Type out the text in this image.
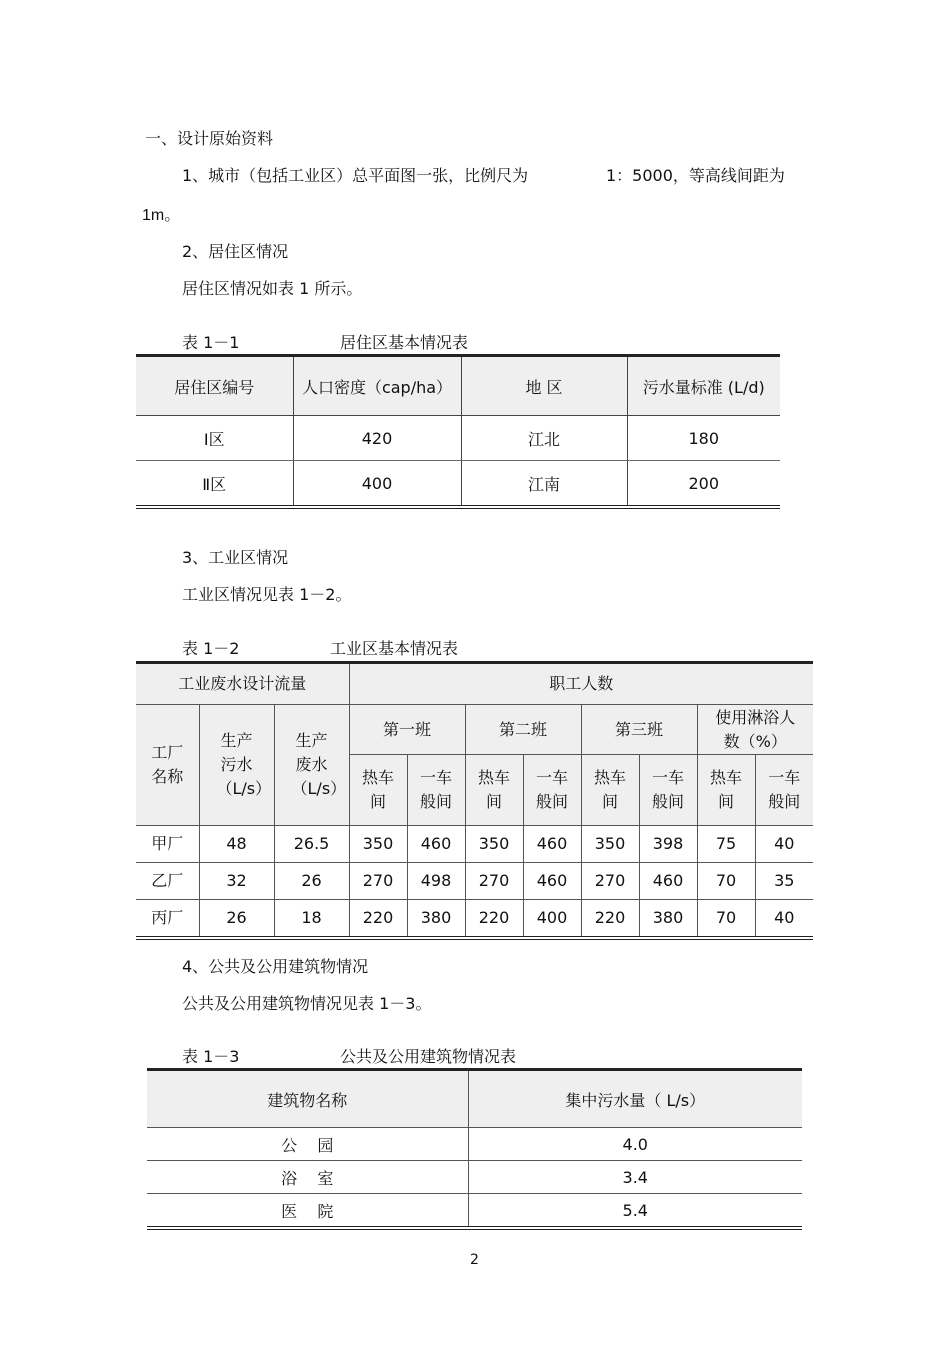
一、设计原始资料
1、城市（包括工业区）总平面图一张，比例尺为	1：5000，等高线间距为
1m。
2、居住区情况
居住区情况如表 1 所示。
表 1－1	居住区基本情况表
居住区编号	人口密度（cap/ha）	地 区	污水量标准 (L/d)
Ⅰ区	420	江北	180
Ⅱ区	400	江南	200
3、工业区情况
工业区情况见表 1－2。
表 1－2	工业区基本情况表
工业废水设计流量			职工人数							

工厂名称	生产污水（L/s）	生产废水（L/s）	第一班		第二班		第三班		使用淋浴人数（%）	

			热车间	一车般间	热车间	一车般间	热车间	一车般间	热车间	一车般间

甲厂	48	26.5	350	460	350	460	350	398	75	40
乙厂	32	26	270	498	270	460	270	460	70	35
丙厂	26	18	220	380	220	400	220	380	70	40
4、公共及公用建筑物情况
公共及公用建筑物情况见表 1－3。
表 1－3	公共及公用建筑物情况表
建筑物名称	集中污水量（ L/s）
公    园	4.0
浴    室	3.4
医    院	5.4
2
